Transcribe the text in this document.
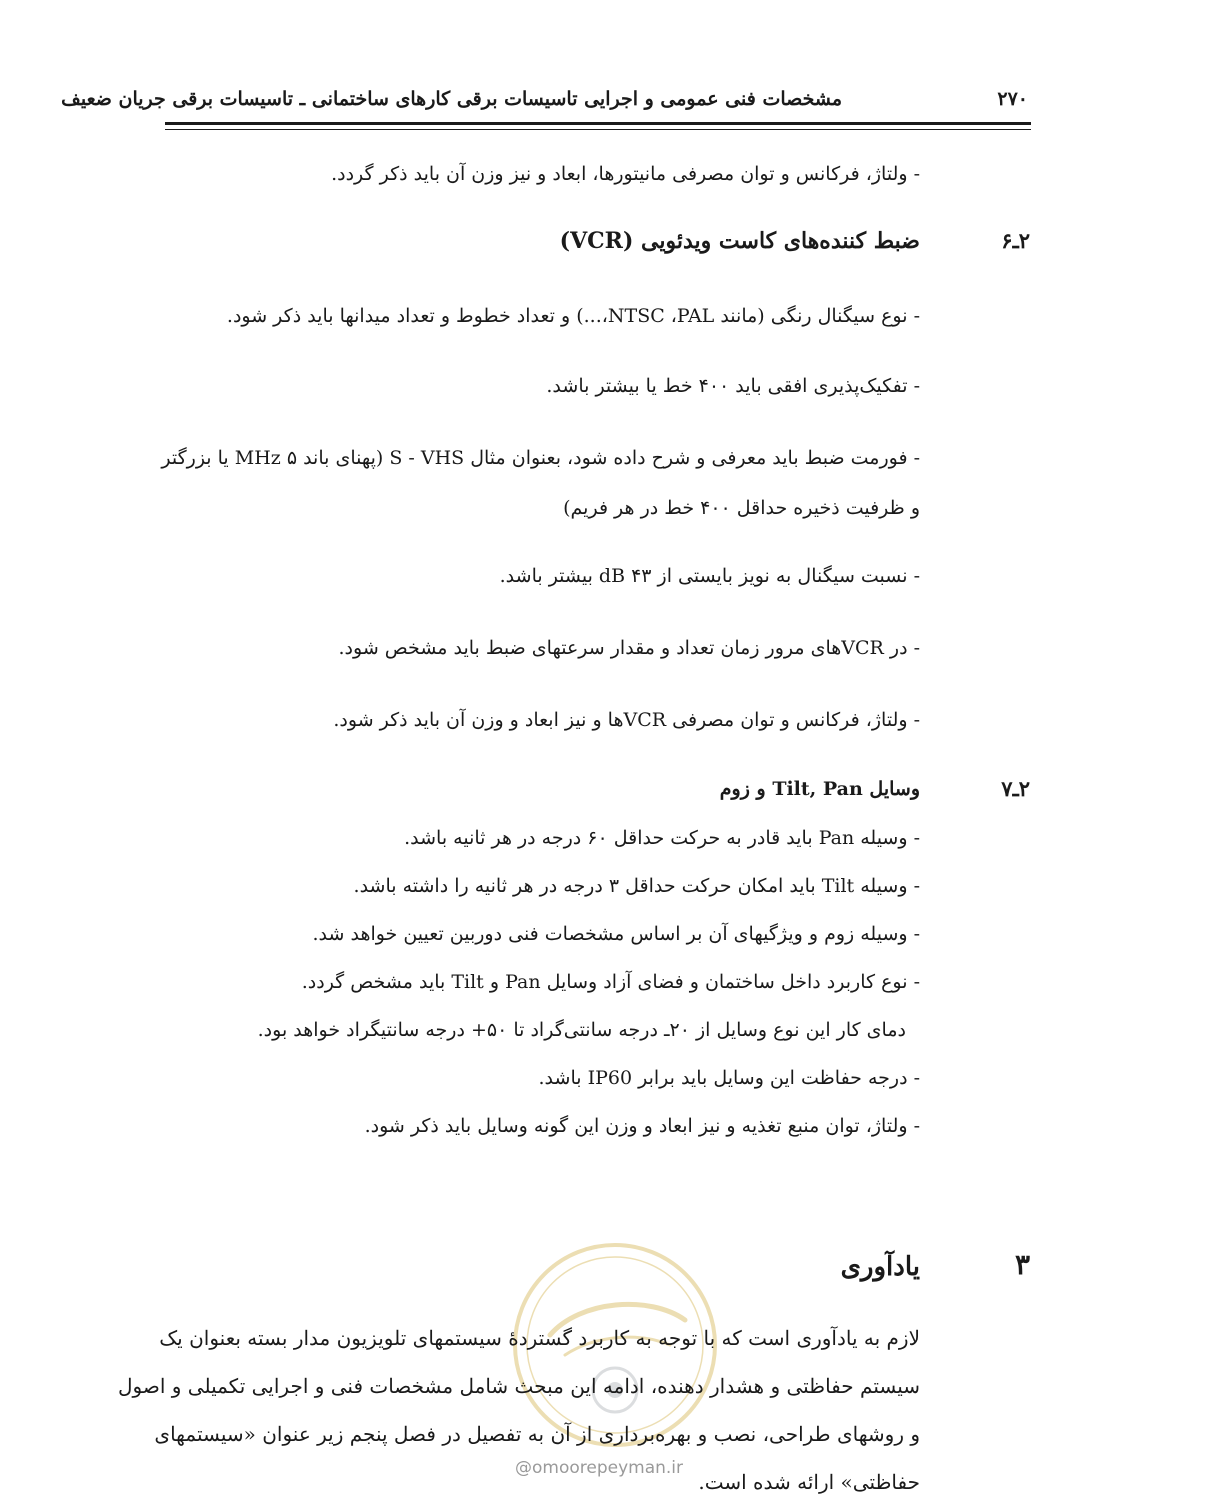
۲۷۰
مشخصات فنی عمومی و اجرایی تاسیسات برقی کارهای ساختمانی ـ تاسیسات برقی جریان ضعیف
- ولتاژ، فرکانس و توان مصرفی مانیتورها، ابعاد و نیز وزن آن باید ذکر گردد.
۲ـ۶
ضبط کننده‌های کاست ویدئویی (VCR)
- نوع سیگنال رنگی (مانند NTSC ،PAL،...) و تعداد خطوط و تعداد میدانها باید ذکر شود.
- تفکیک‌پذیری افقی باید ۴۰۰ خط یا بیشتر باشد.
- فورمت ضبط باید معرفی و شرح داده شود، بعنوان مثال S - VHS (پهنای باند MHz ۵ یا بزرگتر
و ظرفیت ذخیره حداقل ۴۰۰ خط در هر فریم)
- نسبت سیگنال به نویز بایستی از dB ۴۳ بیشتر باشد.
- در VCRهای مرور زمان تعداد و مقدار سرعتهای ضبط باید مشخص شود.
- ولتاژ، فرکانس و توان مصرفی VCRها و نیز ابعاد و وزن آن باید ذکر شود.
۲ـ۷
وسایل Tilt, Pan و زوم
- وسیله Pan باید قادر به حرکت حداقل ۶۰ درجه در هر ثانیه باشد.
- وسیله Tilt باید امکان حرکت حداقل ۳ درجه در هر ثانیه را داشته باشد.
- وسیله زوم و ویژگیهای آن بر اساس مشخصات فنی دوربین تعیین خواهد شد.
- نوع کاربرد داخل ساختمان و فضای آزاد وسایل Pan و Tilt باید مشخص گردد.
دمای کار این نوع وسایل از ۲۰ـ درجه سانتی‌گراد تا ۵۰+ درجه سانتیگراد خواهد بود.
- درجه حفاظت این وسایل باید برابر IP60 باشد.
- ولتاژ، توان منبع تغذیه و نیز ابعاد و وزن این گونه وسایل باید ذکر شود.
@omoorepeyman.ir
۳
یادآوری
لازم به یادآوری است که با توجه به کاربرد گستردهٔ سیستمهای تلویزیون مدار بسته بعنوان یک
سیستم حفاظتی و هشدار دهنده، ادامه این مبحث شامل مشخصات فنی و اجرایی تکمیلی و اصول
و روشهای طراحی، نصب و بهره‌برداری از آن به تفصیل در فصل پنجم زیر عنوان «سیستمهای
حفاظتی» ارائه شده است.
